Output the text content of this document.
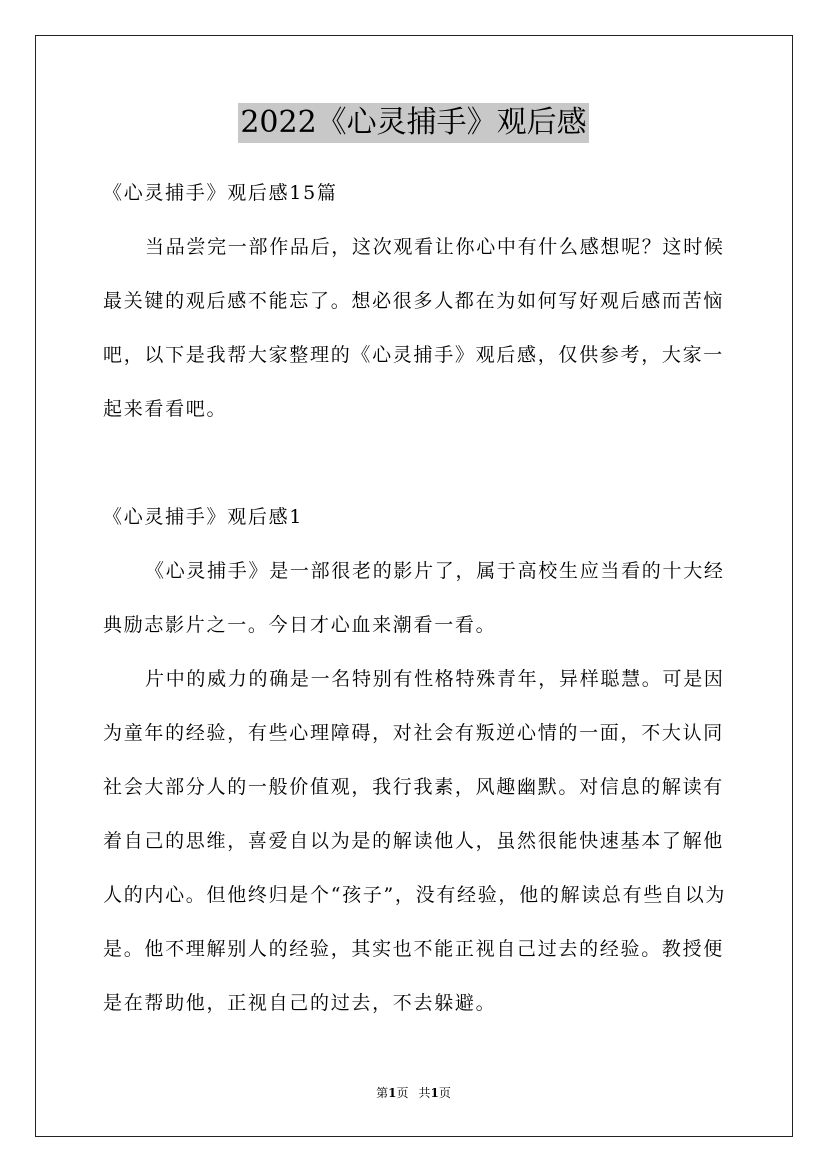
2022《心灵捕手》观后感
《心灵捕手》观后感15篇
当品尝完一部作品后，这次观看让你心中有什么感想呢？这时候
最关键的观后感不能忘了。想必很多人都在为如何写好观后感而苦恼
吧，以下是我帮大家整理的《心灵捕手》观后感，仅供参考，大家一
起来看看吧。
《心灵捕手》观后感1
《心灵捕手》是一部很老的影片了，属于高校生应当看的十大经
典励志影片之一。今日才心血来潮看一看。
片中的威力的确是一名特别有性格特殊青年，异样聪慧。可是因
为童年的经验，有些心理障碍，对社会有叛逆心情的一面，不大认同
社会大部分人的一般价值观，我行我素，风趣幽默。对信息的解读有
着自己的思维，喜爱自以为是的解读他人，虽然很能快速基本了解他
人的内心。但他终归是个“孩子”，没有经验，他的解读总有些自以为
是。他不理解别人的经验，其实也不能正视自己过去的经验。教授便
是在帮助他，正视自己的过去，不去躲避。
第1页 共1页
